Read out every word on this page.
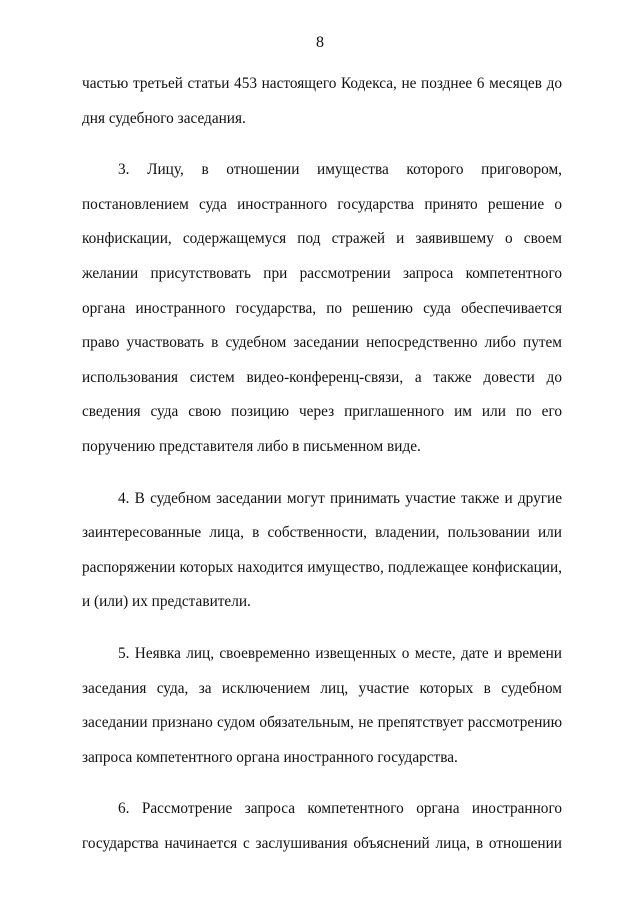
8

частью третьей статьи 453 настоящего Кодекса, не позднее 6 месяцев до дня судебного заседания.

3. Лицу, в отношении имущества которого приговором, постановлением суда иностранного государства принято решение о конфискации, содержащемуся под стражей и заявившему о своем желании присутствовать при рассмотрении запроса компетентного органа иностранного государства, по решению суда обеспечивается право участвовать в судебном заседании непосредственно либо путем использования систем видео-конференц-связи, а также довести до сведения суда свою позицию через приглашенного им или по его поручению представителя либо в письменном виде.

4. В судебном заседании могут принимать участие также и другие заинтересованные лица, в собственности, владении, пользовании или распоряжении которых находится имущество, подлежащее конфискации, и (или) их представители.

5. Неявка лиц, своевременно извещенных о месте, дате и времени заседания суда, за исключением лиц, участие которых в судебном заседании признано судом обязательным, не препятствует рассмотрению запроса компетентного органа иностранного государства.

6. Рассмотрение запроса компетентного органа иностранного государства начинается с заслушивания объяснений лица, в отношении
